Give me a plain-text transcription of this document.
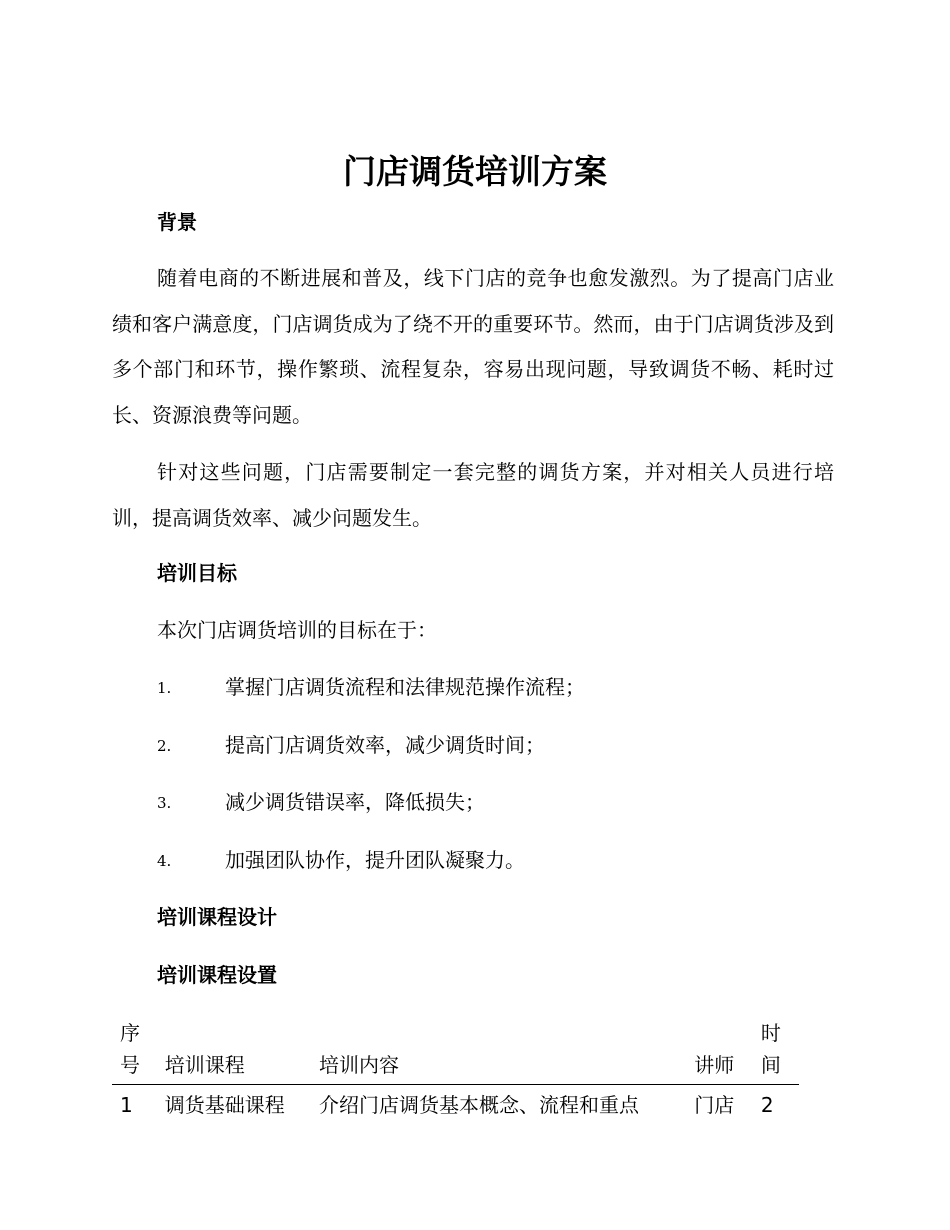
门店调货培训方案
背景
随着电商的不断进展和普及，线下门店的竞争也愈发激烈。为了提高门店业绩和客户满意度，门店调货成为了绕不开的重要环节。然而，由于门店调货涉及到多个部门和环节，操作繁琐、流程复杂，容易出现问题，导致调货不畅、耗时过长、资源浪费等问题。
针对这些问题，门店需要制定一套完整的调货方案，并对相关人员进行培训，提高调货效率、减少问题发生。
培训目标
本次门店调货培训的目标在于：
1.	掌握门店调货流程和法律规范操作流程；
2.	提高门店调货效率，减少调货时间；
3.	减少调货错误率，降低损失；
4.	加强团队协作，提升团队凝聚力。
培训课程设计
培训课程设置
序
号	培训课程	培训内容	讲师	时
间

1	调货基础课程	介绍门店调货基本概念、流程和重点	门店	2
